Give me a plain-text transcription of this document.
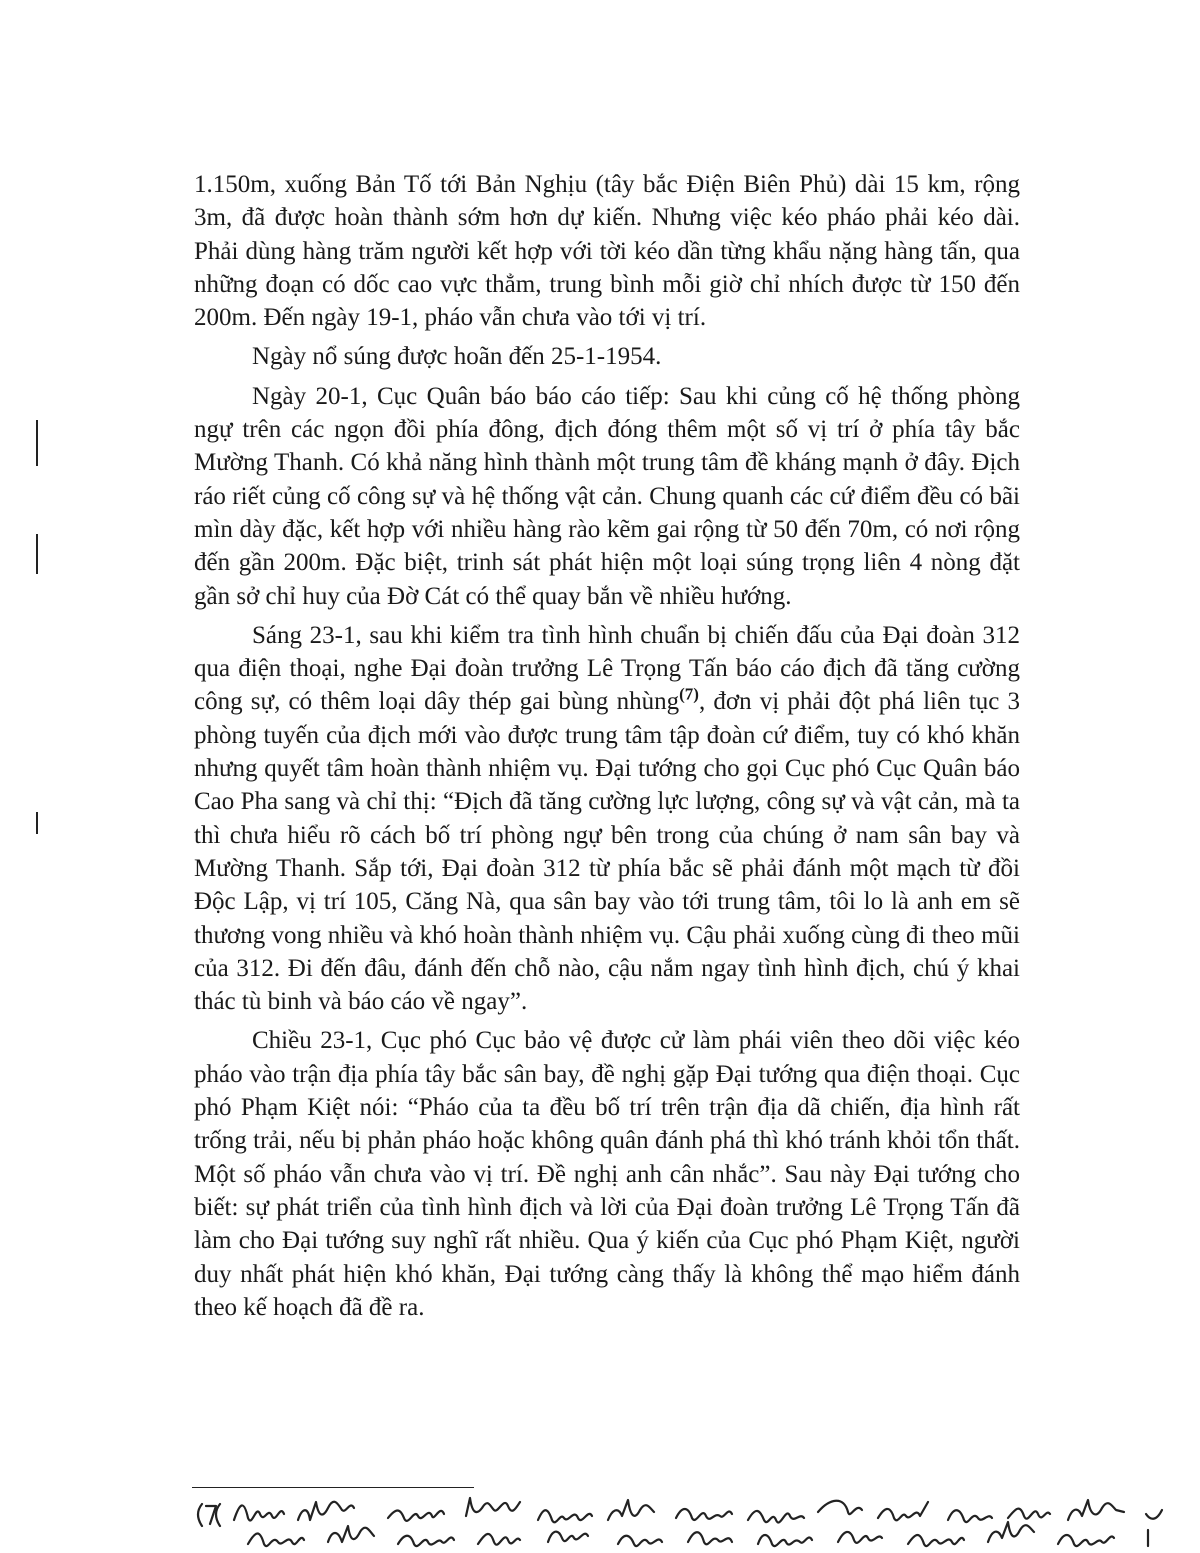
1.150m, xuống Bản Tố tới Bản Nghịu (tây bắc Điện Biên Phủ) dài 15 km, rộng 3m, đã được hoàn thành sớm hơn dự kiến. Nhưng việc kéo pháo phải kéo dài. Phải dùng hàng trăm người kết hợp với tời kéo dần từng khẩu nặng hàng tấn, qua những đoạn có dốc cao vực thẳm, trung bình mỗi giờ chỉ nhích được từ 150 đến 200m. Đến ngày 19-1, pháo vẫn chưa vào tới vị trí.

Ngày nổ súng được hoãn đến 25-1-1954.

Ngày 20-1, Cục Quân báo báo cáo tiếp: Sau khi củng cố hệ thống phòng ngự trên các ngọn đồi phía đông, địch đóng thêm một số vị trí ở phía tây bắc Mường Thanh. Có khả năng hình thành một trung tâm đề kháng mạnh ở đây. Địch ráo riết củng cố công sự và hệ thống vật cản. Chung quanh các cứ điểm đều có bãi mìn dày đặc, kết hợp với nhiều hàng rào kẽm gai rộng từ 50 đến 70m, có nơi rộng đến gần 200m. Đặc biệt, trinh sát phát hiện một loại súng trọng liên 4 nòng đặt gần sở chỉ huy của Đờ Cát có thể quay bắn về nhiều hướng.

Sáng 23-1, sau khi kiểm tra tình hình chuẩn bị chiến đấu của Đại đoàn 312 qua điện thoại, nghe Đại đoàn trưởng Lê Trọng Tấn báo cáo địch đã tăng cường công sự, có thêm loại dây thép gai bùng nhùng$^{(7)}$, đơn vị phải đột phá liên tục 3 phòng tuyến của địch mới vào được trung tâm tập đoàn cứ điểm, tuy có khó khăn nhưng quyết tâm hoàn thành nhiệm vụ. Đại tướng cho gọi Cục phó Cục Quân báo Cao Pha sang và chỉ thị: “Địch đã tăng cường lực lượng, công sự và vật cản, mà ta thì chưa hiểu rõ cách bố trí phòng ngự bên trong của chúng ở nam sân bay và Mường Thanh. Sắp tới, Đại đoàn 312 từ phía bắc sẽ phải đánh một mạch từ đồi Độc Lập, vị trí 105, Căng Nà, qua sân bay vào tới trung tâm, tôi lo là anh em sẽ thương vong nhiều và khó hoàn thành nhiệm vụ. Cậu phải xuống cùng đi theo mũi của 312. Đi đến đâu, đánh đến chỗ nào, cậu nắm ngay tình hình địch, chú ý khai thác tù binh và báo cáo về ngay”.

Chiều 23-1, Cục phó Cục bảo vệ được cử làm phái viên theo dõi việc kéo pháo vào trận địa phía tây bắc sân bay, đề nghị gặp Đại tướng qua điện thoại. Cục phó Phạm Kiệt nói: “Pháo của ta đều bố trí trên trận địa dã chiến, địa hình rất trống trải, nếu bị phản pháo hoặc không quân đánh phá thì khó tránh khỏi tổn thất. Một số pháo vẫn chưa vào vị trí. Đề nghị anh cân nhắc”. Sau này Đại tướng cho biết: sự phát triển của tình hình địch và lời của Đại đoàn trưởng Lê Trọng Tấn đã làm cho Đại tướng suy nghĩ rất nhiều. Qua ý kiến của Cục phó Phạm Kiệt, người duy nhất phát hiện khó khăn, Đại tướng càng thấy là không thể mạo hiểm đánh theo kế hoạch đã đề ra.
